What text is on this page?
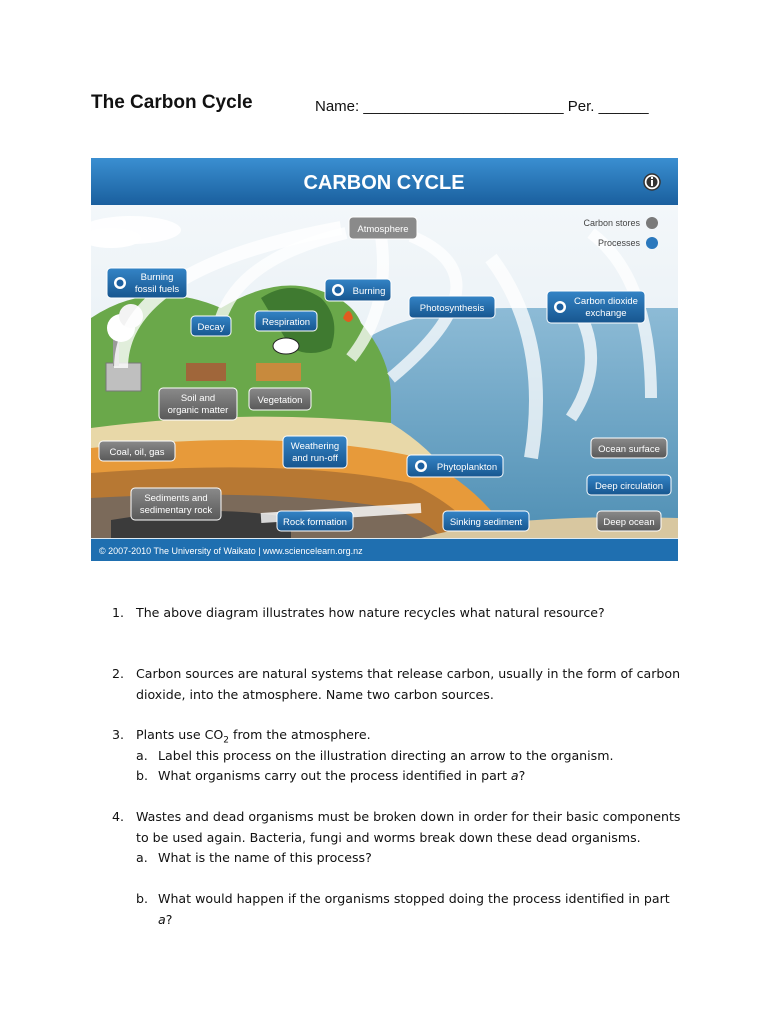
The Carbon Cycle	Name: ________________________ Per. ______
CARBON CYCLE
Carbon stores
Processes
Atmosphere
Burning
fossil fuels	Burning
Photosynthesis
Carbon dioxide
exchange
Decay	Respiration
Vegetation
Soil and
organic matter
Coal, oil, gas
Weathering
and run-off
Phytoplankton
Ocean surface
Deep circulation
Sediments and
sedimentary rock
Rock formation	Sinking sediment	Deep ocean
© 2007-2010 The University of Waikato | www.sciencelearn.org.nz
1. The above diagram illustrates how nature recycles what natural resource?
2. Carbon sources are natural systems that release carbon, usually in the form of carbon dioxide, into the atmosphere. Name two carbon sources.
3. Plants use $CO_2$ from the atmosphere.
a. Label this process on the illustration directing an arrow to the organism.
b. What organisms carry out the process identified in part a?
4. Wastes and dead organisms must be broken down in order for their basic components to be used again. Bacteria, fungi and worms break down these dead organisms.
a. What is the name of this process?
b. What would happen if the organisms stopped doing the process identified in part a?
